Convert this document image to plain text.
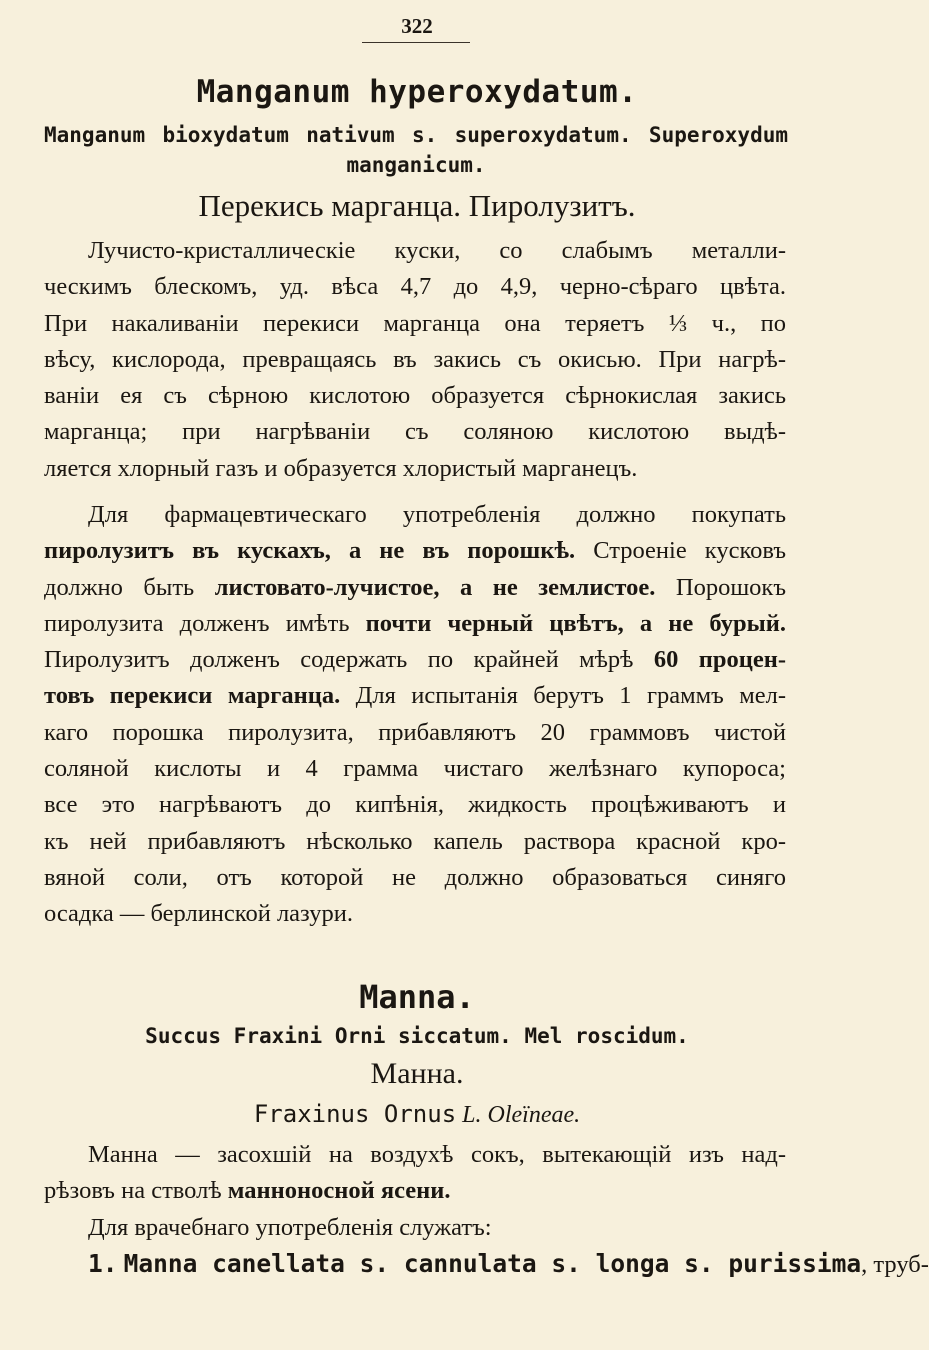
322
Manganum hyperoxydatum.
Manganum bioxydatum nativum s. superoxydatum. Superoxydum manganicum.
Перекись марганца. Пиролузитъ.
Лучисто-кристаллическiе куски, со слабымъ металли-
ческимъ блескомъ, уд. вѣса 4,7 до 4,9, черно-сѣраго цвѣта.
При накаливанiи перекиси марганца она теряетъ ⅓ ч., по
вѣсу, кислорода, превращаясь въ закись съ окисью. При нагрѣ-
ванiи ея съ сѣрною кислотою образуется сѣрнокислая закись
марганца; при нагрѣванiи съ соляною кислотою выдѣ-
ляется хлорный газъ и образуется хлористый марганецъ.
Для фармацевтическаго употребленiя должно покупать
пиролузитъ въ кускахъ, а не въ порошкѣ. Строенiе кусковъ
должно быть листовато-лучистое, а не землистое. Порошокъ
пиролузита долженъ имѣть почти черный цвѣтъ, а не бурый.
Пиролузитъ долженъ содержать по крайней мѣрѣ 60 процен-
товъ перекиси марганца. Для испытанiя берутъ 1 граммъ мел-
каго порошка пиролузита, прибавляютъ 20 граммовъ чистой
соляной кислоты и 4 грамма чистаго желѣзнаго купороса;
все это нагрѣваютъ до кипѣнiя, жидкость процѣживаютъ и
къ ней прибавляютъ нѣсколько капель раствора красной кро-
вяной соли, отъ которой не должно образоваться синяго
осадка — берлинской лазури.
Manna.
Succus Fraxini Orni siccatum. Mel roscidum.
Манна.
Fraxinus Ornus L. Oleïneae.
Манна — засохшiй на воздухѣ сокъ, вытекающiй изъ над-
рѣзовъ на стволѣ манноносной ясени.
Для врачебнаго употребленiя служатъ:
1. Manna canellata s. cannulata s. longa s. purissima, труб-
